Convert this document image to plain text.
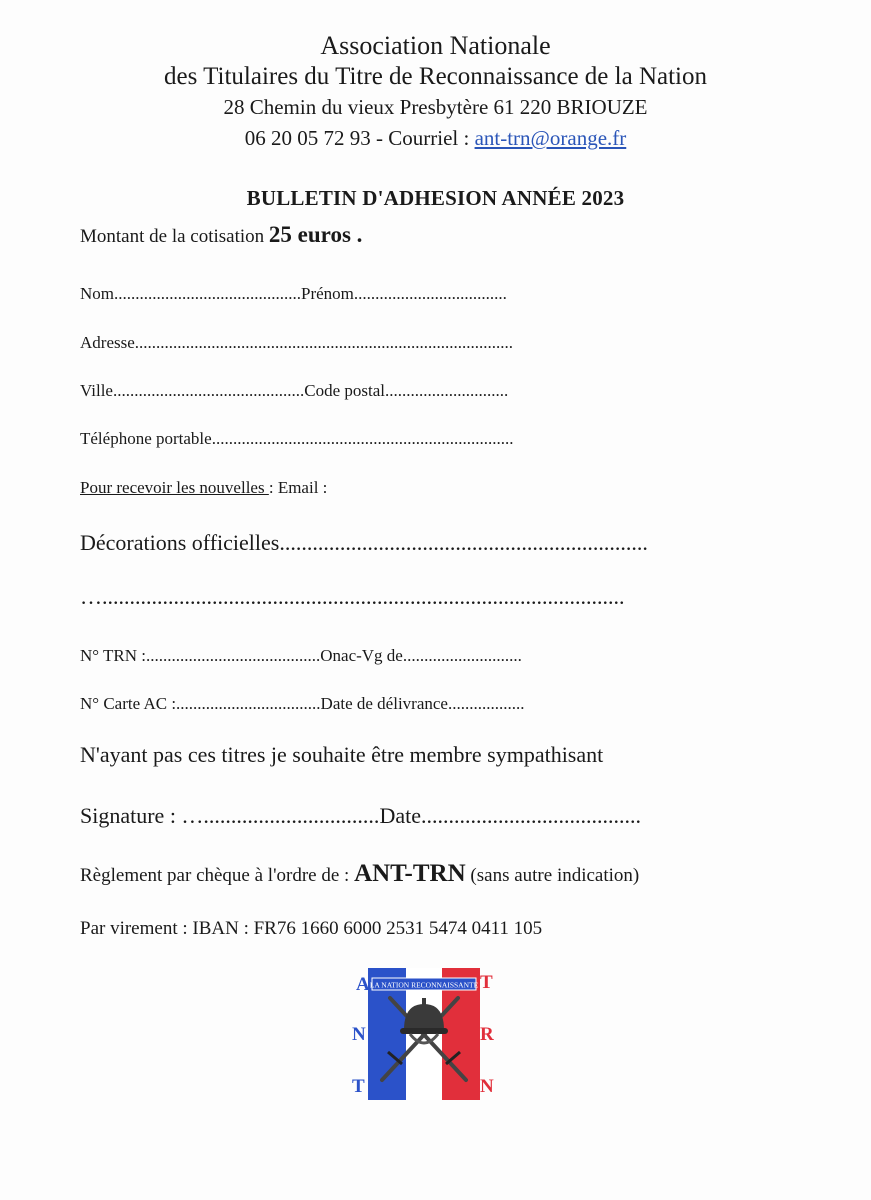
Association Nationale
des Titulaires du Titre de Reconnaissance de la Nation
28 Chemin du vieux Presbytère 61 220 BRIOUZE
06 20 05 72 93 - Courriel : ant-trn@orange.fr
BULLETIN D'ADHESION ANNÉE 2023
Montant de la cotisation 25 euros .
Nom............................................Prénom....................................
Adresse.........................................................................................
Ville.............................................Code postal.............................
Téléphone portable.......................................................................
Pour recevoir les nouvelles : Email :
Décorations officielles...................................................................
…...............................................................................................
N° TRN :.........................................Onac-Vg de............................
N° Carte AC :..................................Date de délivrance..................
N'ayant pas ces titres je souhaite être membre sympathisant
Signature : …................................Date........................................
Règlement par chèque à l'ordre de : ANT-TRN (sans autre indication)
Par virement : IBAN : FR76 1660 6000 2531 5474 0411 105
LA NATION RECONNAISSANTE
A
N
T
T
R
N
